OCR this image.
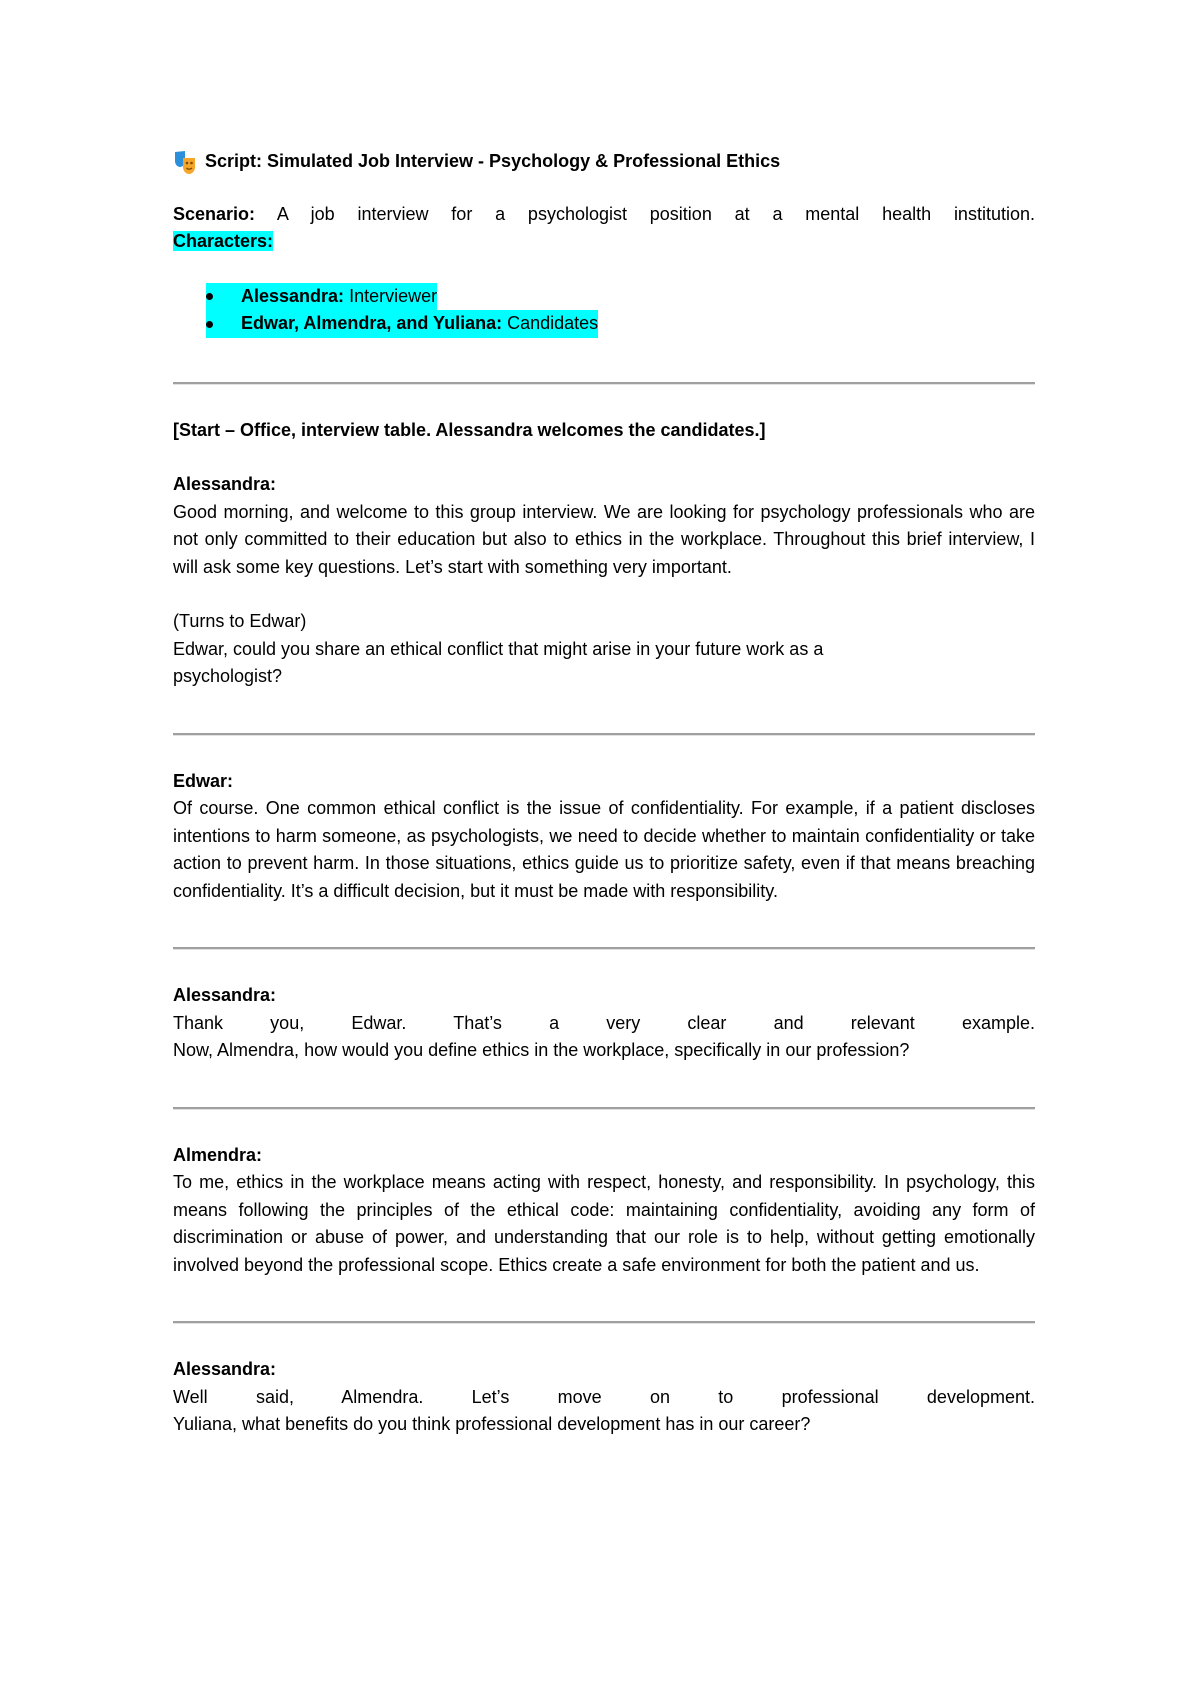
Script: Simulated Job Interview - Psychology & Professional Ethics

Scenario: A job interview for a psychologist position at a mental health institution.

Characters:

Alessandra: Interviewer
Edwar, Almendra, and Yuliana: Candidates

[Start – Office, interview table. Alessandra welcomes the candidates.]

Alessandra:

Good morning, and welcome to this group interview. We are looking for psychology professionals who are not only committed to their education but also to ethics in the workplace. Throughout this brief interview, I will ask some key questions. Let’s start with something very important.

(Turns to Edwar)

Edwar, could you share an ethical conflict that might arise in your future work as a psychologist?

Edwar:

Of course. One common ethical conflict is the issue of confidentiality. For example, if a patient discloses intentions to harm someone, as psychologists, we need to decide whether to maintain confidentiality or take action to prevent harm. In those situations, ethics guide us to prioritize safety, even if that means breaching confidentiality. It’s a difficult decision, but it must be made with responsibility.

Alessandra:

Thank you, Edwar. That’s a very clear and relevant example.

Now, Almendra, how would you define ethics in the workplace, specifically in our profession?

Almendra:

To me, ethics in the workplace means acting with respect, honesty, and responsibility. In psychology, this means following the principles of the ethical code: maintaining confidentiality, avoiding any form of discrimination or abuse of power, and understanding that our role is to help, without getting emotionally involved beyond the professional scope. Ethics create a safe environment for both the patient and us.

Alessandra:

Well said, Almendra. Let’s move on to professional development.

Yuliana, what benefits do you think professional development has in our career?
